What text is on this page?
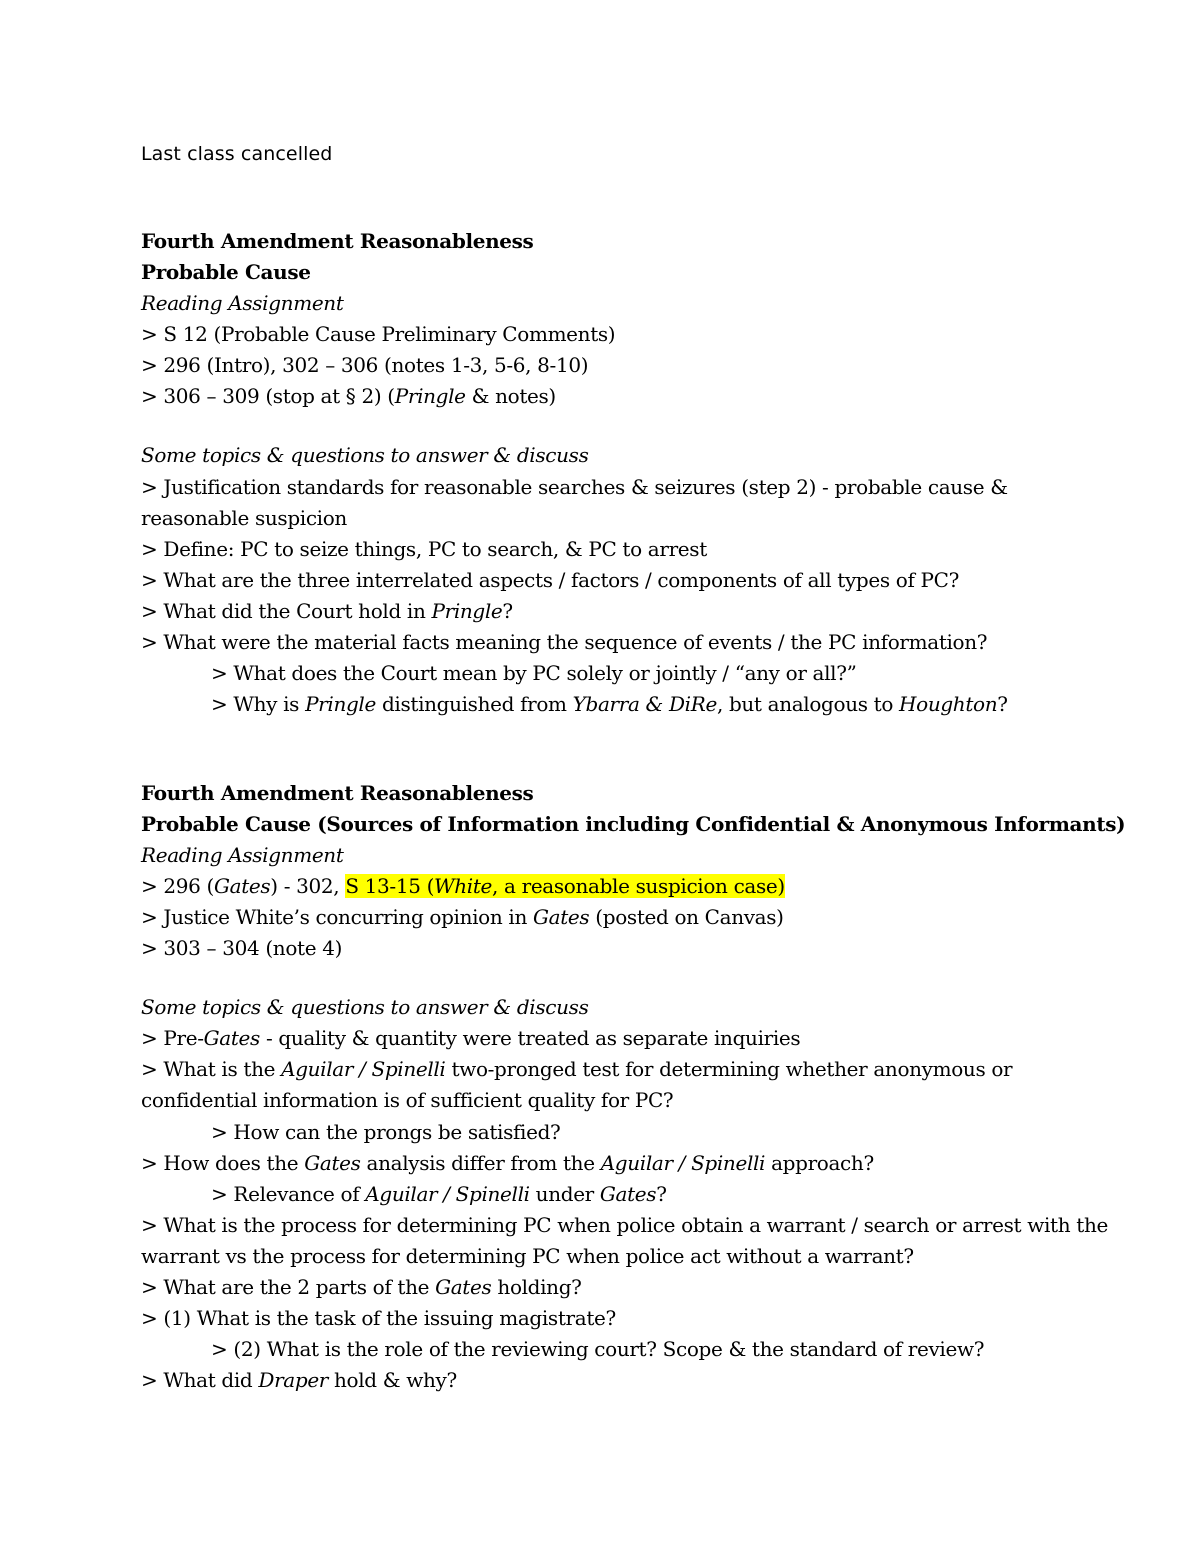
Last class cancelled
Fourth Amendment Reasonableness
Probable Cause
Reading Assignment
> S 12 (Probable Cause Preliminary Comments)
> 296 (Intro), 302 – 306 (notes 1-3, 5-6, 8-10)
> 306 – 309 (stop at § 2) (Pringle & notes)
Some topics & questions to answer & discuss
> Justification standards for reasonable searches & seizures (step 2) - probable cause &
reasonable suspicion
> Define: PC to seize things, PC to search, & PC to arrest
> What are the three interrelated aspects / factors / components of all types of PC?
> What did the Court hold in Pringle?
> What were the material facts meaning the sequence of events / the PC information?
> What does the Court mean by PC solely or jointly / “any or all?”
> Why is Pringle distinguished from Ybarra & DiRe, but analogous to Houghton?
Fourth Amendment Reasonableness
Probable Cause (Sources of Information including Confidential & Anonymous Informants)
Reading Assignment
> 296 (Gates) - 302, S 13-15 (White, a reasonable suspicion case)
> Justice White’s concurring opinion in Gates (posted on Canvas)
> 303 – 304 (note 4)
Some topics & questions to answer & discuss
> Pre-Gates - quality & quantity were treated as separate inquiries
> What is the Aguilar / Spinelli two-pronged test for determining whether anonymous or
confidential information is of sufficient quality for PC?
> How can the prongs be satisfied?
> How does the Gates analysis differ from the Aguilar / Spinelli approach?
> Relevance of Aguilar / Spinelli under Gates?
> What is the process for determining PC when police obtain a warrant / search or arrest with the
warrant vs the process for determining PC when police act without a warrant?
> What are the 2 parts of the Gates holding?
> (1) What is the task of the issuing magistrate?
> (2) What is the role of the reviewing court? Scope & the standard of review?
> What did Draper hold & why?
